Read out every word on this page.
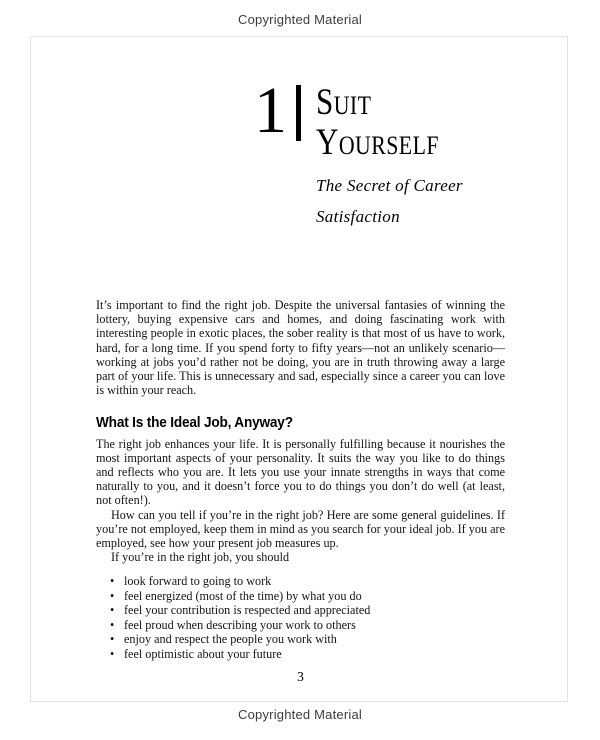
Copyrighted Material
1 Suit
Yourself
The Secret of Career
Satisfaction

It’s important to find the right job. Despite the universal fantasies of winning the lottery, buying expensive cars and homes, and doing fascinating work with interesting people in exotic places, the sober reality is that most of us have to work, hard, for a long time. If you spend forty to fifty years—not an unlikely scenario—working at jobs you’d rather not be doing, you are in truth throwing away a large part of your life. This is unnecessary and sad, especially since a career you can love is within your reach.

What Is the Ideal Job, Anyway?

The right job enhances your life. It is personally fulfilling because it nourishes the most important aspects of your personality. It suits the way you like to do things and reflects who you are. It lets you use your innate strengths in ways that come naturally to you, and it doesn’t force you to do things you don’t do well (at least, not often!).

How can you tell if you’re in the right job? Here are some general guidelines. If you’re not employed, keep them in mind as you search for your ideal job. If you are employed, see how your present job measures up.

If you’re in the right job, you should

• look forward to going to work
• feel energized (most of the time) by what you do
• feel your contribution is respected and appreciated
• feel proud when describing your work to others
• enjoy and respect the people you work with
• feel optimistic about your future
3
Copyrighted Material
